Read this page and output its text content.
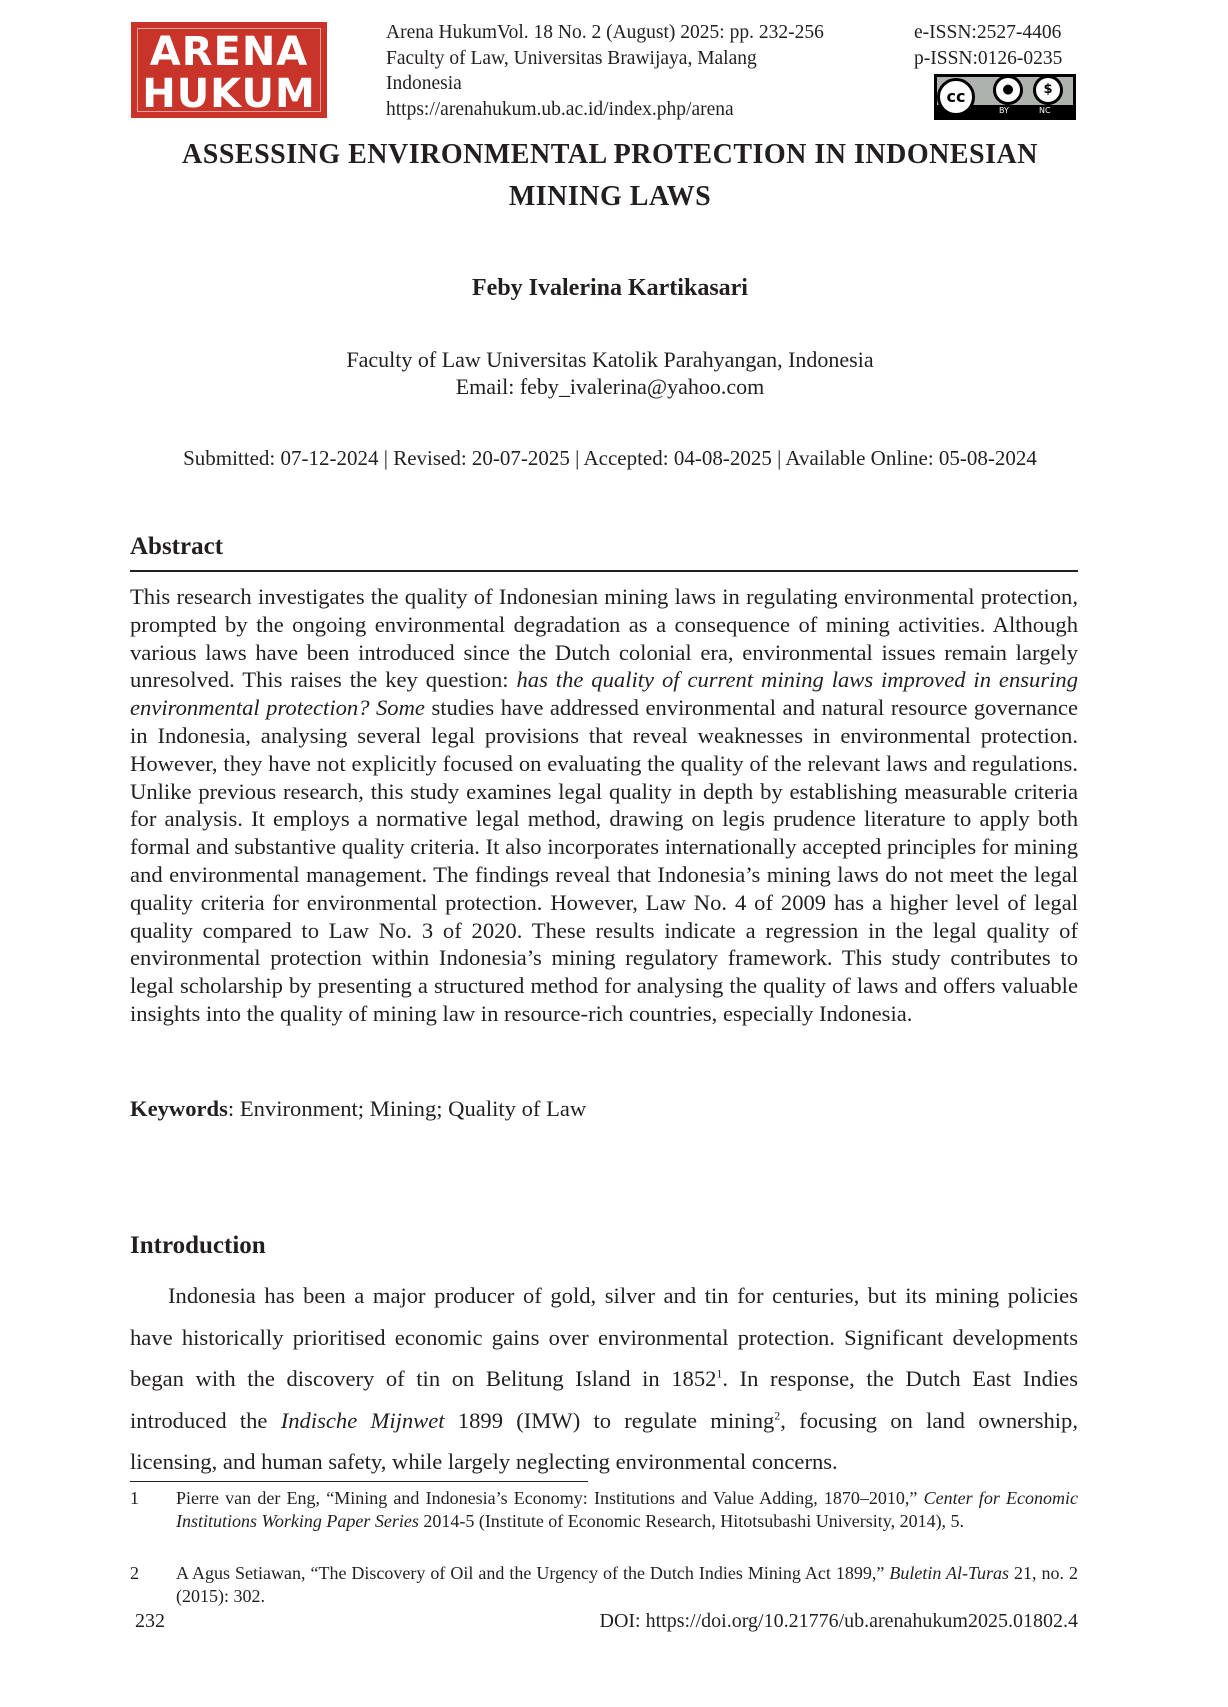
ARENA
HUKUM
Arena HukumVol. 18 No. 2 (August) 2025: pp. 232-256
Faculty of Law, Universitas Brawijaya, Malang
Indonesia
https://arenahukum.ub.ac.id/index.php/arena
e-ISSN:2527-4406
p-ISSN:0126-0235
cc	●	$
BY	NC
ASSESSING ENVIRONMENTAL PROTECTION IN INDONESIAN
MINING LAWS
Feby Ivalerina Kartikasari
Faculty of Law Universitas Katolik Parahyangan, Indonesia
Email: feby_ivalerina@yahoo.com
Submitted: 07-12-2024 | Revised: 20-07-2025 | Accepted: 04-08-2025 | Available Online: 05-08-2024
Abstract
This research investigates the quality of Indonesian mining laws in regulating environmental protection, prompted by the ongoing environmental degradation as a consequence of mining activities. Although various laws have been introduced since the Dutch colonial era, environmental issues remain largely unresolved. This raises the key question: has the quality of current mining laws improved in ensuring environmental protection? Some studies have addressed environmental and natural resource governance in Indonesia, analysing several legal provisions that reveal weaknesses in environmental protection. However, they have not explicitly focused on evaluating the quality of the relevant laws and regulations. Unlike previous research, this study examines legal quality in depth by establishing measurable criteria for analysis. It employs a normative legal method, drawing on legis prudence literature to apply both formal and substantive quality criteria. It also incorporates internationally accepted principles for mining and environmental management. The findings reveal that Indonesia’s mining laws do not meet the legal quality criteria for environmental protection. However, Law No. 4 of 2009 has a higher level of legal quality compared to Law No. 3 of 2020. These results indicate a regression in the legal quality of environmental protection within Indonesia’s mining regulatory framework. This study contributes to legal scholarship by presenting a structured method for analysing the quality of laws and offers valuable insights into the quality of mining law in resource-rich countries, especially Indonesia.
Keywords: Environment; Mining; Quality of Law
Introduction
Indonesia has been a major producer of gold, silver and tin for centuries, but its mining policies have historically prioritised economic gains over environmental protection. Significant developments began with the discovery of tin on Belitung Island in 1852$^1$. In response, the Dutch East Indies introduced the Indische Mijnwet 1899 (IMW) to regulate mining$^2$, focusing on land ownership, licensing, and human safety, while largely neglecting environmental concerns.
1 Pierre van der Eng, “Mining and Indonesia’s Economy: Institutions and Value Adding, 1870–2010,” Center for Economic Institutions Working Paper Series 2014-5 (Institute of Economic Research, Hitotsubashi University, 2014), 5.
2 A Agus Setiawan, “The Discovery of Oil and the Urgency of the Dutch Indies Mining Act 1899,” Buletin Al-Turas 21, no. 2 (2015): 302.
232	DOI: https://doi.org/10.21776/ub.arenahukum2025.01802.4
